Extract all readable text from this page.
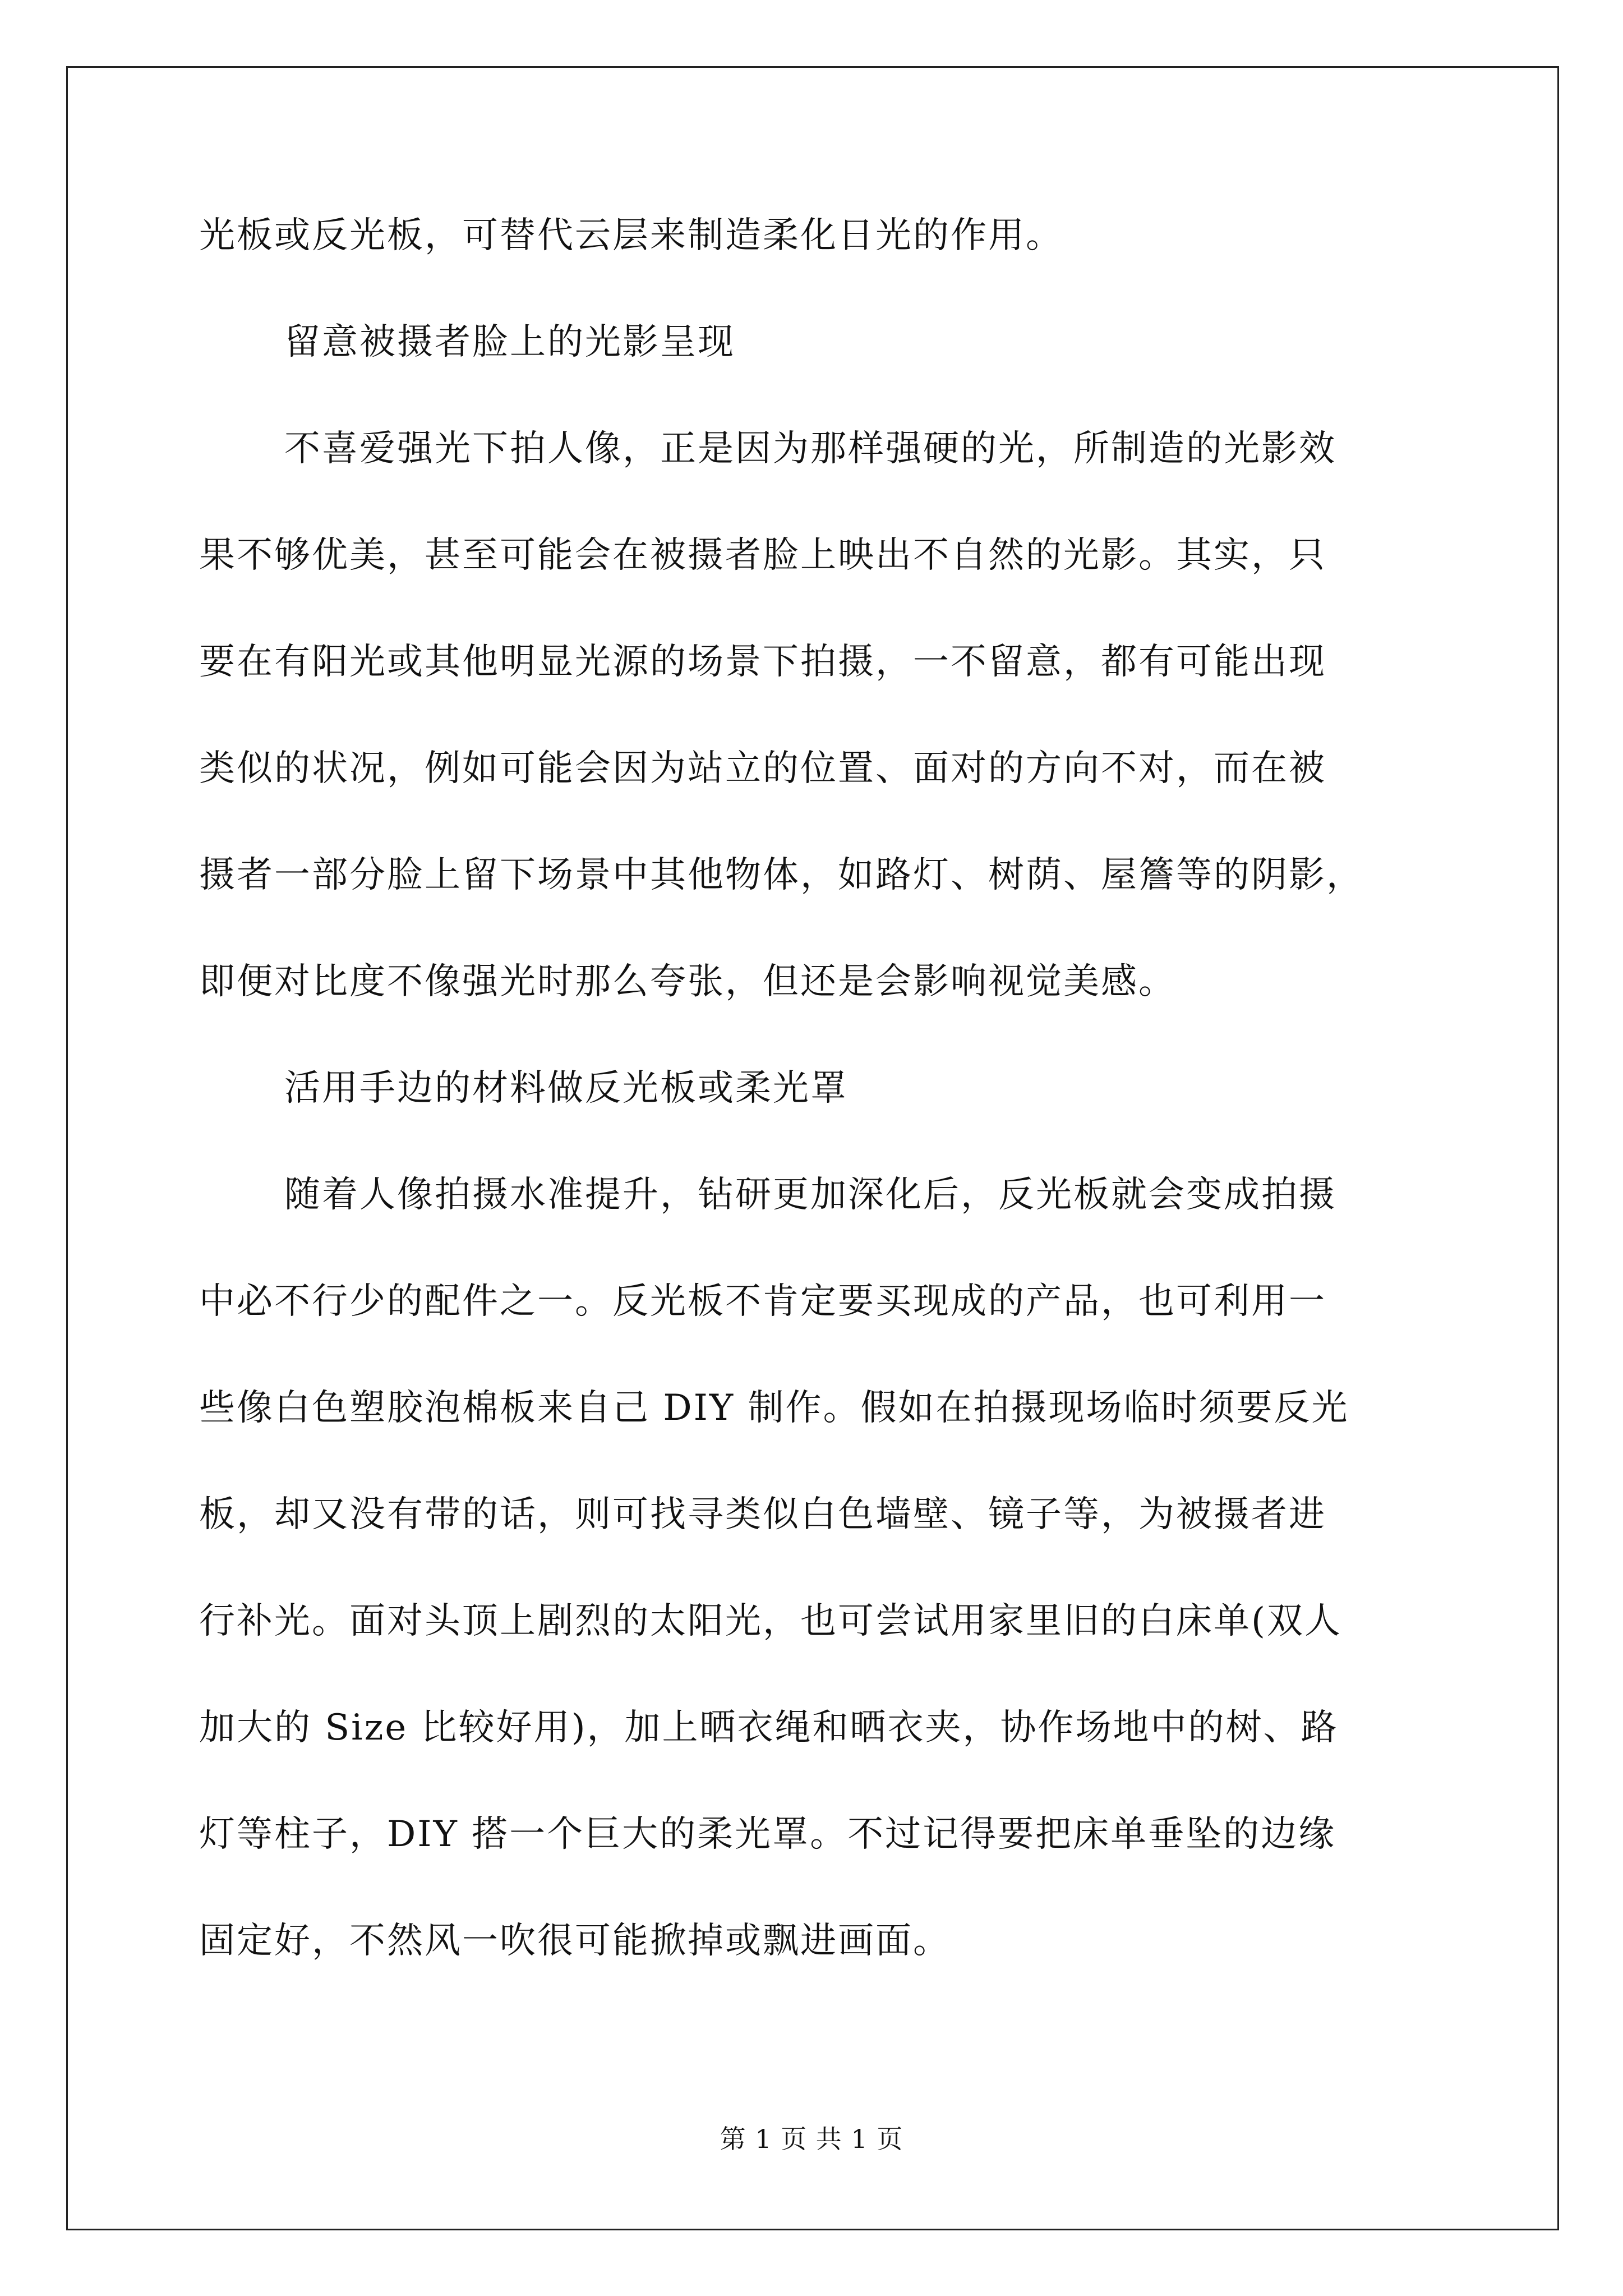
光板或反光板，可替代云层来制造柔化日光的作用。
留意被摄者脸上的光影呈现
不喜爱强光下拍人像，正是因为那样强硬的光，所制造的光影效
果不够优美，甚至可能会在被摄者脸上映出不自然的光影。其实，只
要在有阳光或其他明显光源的场景下拍摄，一不留意，都有可能出现
类似的状况，例如可能会因为站立的位置、面对的方向不对，而在被
摄者一部分脸上留下场景中其他物体，如路灯、树荫、屋簷等的阴影，
即便对比度不像强光时那么夸张，但还是会影响视觉美感。
活用手边的材料做反光板或柔光罩
随着人像拍摄水准提升，钻研更加深化后，反光板就会变成拍摄
中必不行少的配件之一。反光板不肯定要买现成的产品，也可利用一
些像白色塑胶泡棉板来自己 DIY 制作。假如在拍摄现场临时须要反光
板，却又没有带的话，则可找寻类似白色墙壁、镜子等，为被摄者进
行补光。面对头顶上剧烈的太阳光，也可尝试用家里旧的白床单(双人
加大的 Size 比较好用)，加上晒衣绳和晒衣夹，协作场地中的树、路
灯等柱子，DIY 搭一个巨大的柔光罩。不过记得要把床单垂坠的边缘
固定好，不然风一吹很可能掀掉或飘进画面。
第 1 页 共 1 页
